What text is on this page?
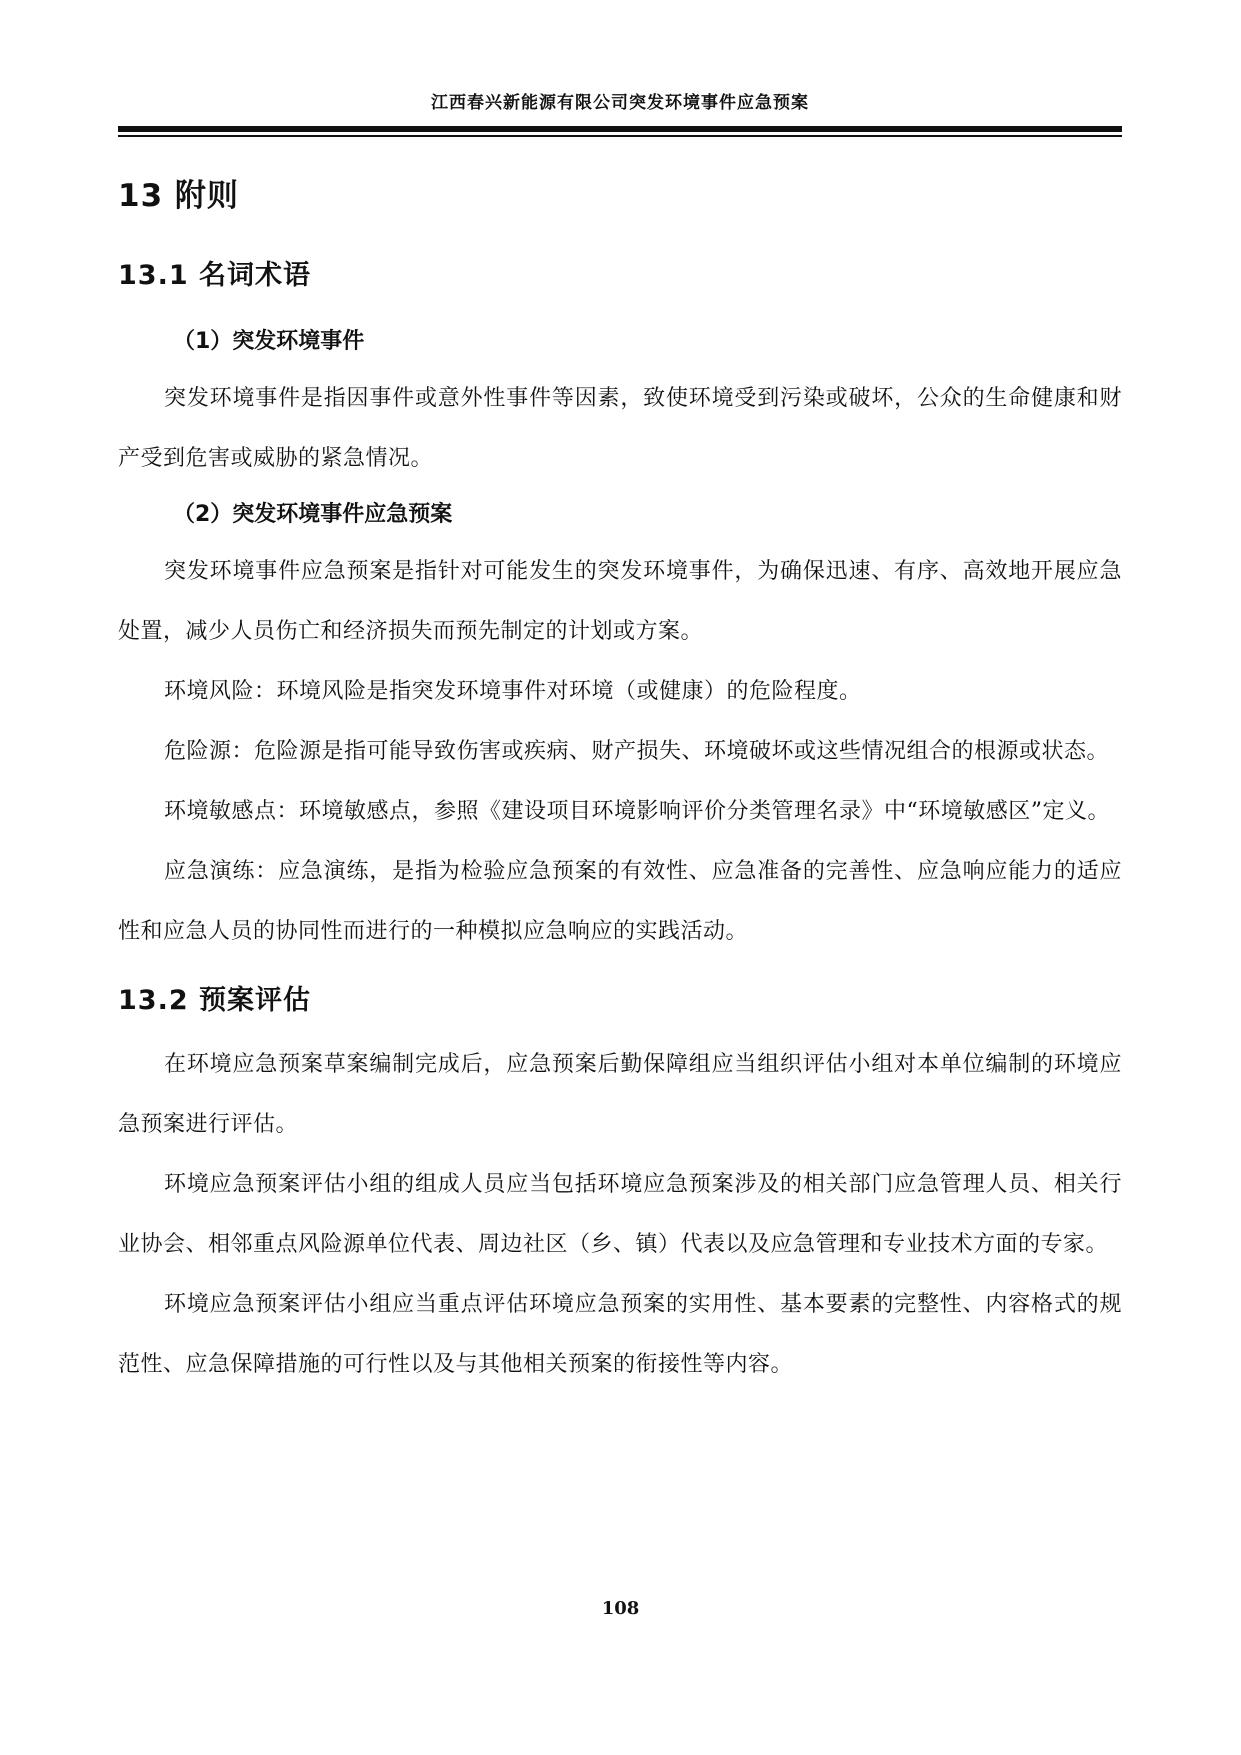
江西春兴新能源有限公司突发环境事件应急预案
13 附则
13.1 名词术语
（1）突发环境事件

突发环境事件是指因事件或意外性事件等因素，致使环境受到污染或破坏，公众的生命健康和财产受到危害或威胁的紧急情况。

（2）突发环境事件应急预案

突发环境事件应急预案是指针对可能发生的突发环境事件，为确保迅速、有序、高效地开展应急处置，减少人员伤亡和经济损失而预先制定的计划或方案。

环境风险：环境风险是指突发环境事件对环境（或健康）的危险程度。

危险源：危险源是指可能导致伤害或疾病、财产损失、环境破坏或这些情况组合的根源或状态。

环境敏感点：环境敏感点，参照《建设项目环境影响评价分类管理名录》中“环境敏感区”定义。

应急演练：应急演练，是指为检验应急预案的有效性、应急准备的完善性、应急响应能力的适应性和应急人员的协同性而进行的一种模拟应急响应的实践活动。

13.2 预案评估

在环境应急预案草案编制完成后，应急预案后勤保障组应当组织评估小组对本单位编制的环境应急预案进行评估。

环境应急预案评估小组的组成人员应当包括环境应急预案涉及的相关部门应急管理人员、相关行业协会、相邻重点风险源单位代表、周边社区（乡、镇）代表以及应急管理和专业技术方面的专家。

环境应急预案评估小组应当重点评估环境应急预案的实用性、基本要素的完整性、内容格式的规范性、应急保障措施的可行性以及与其他相关预案的衔接性等内容。

108
